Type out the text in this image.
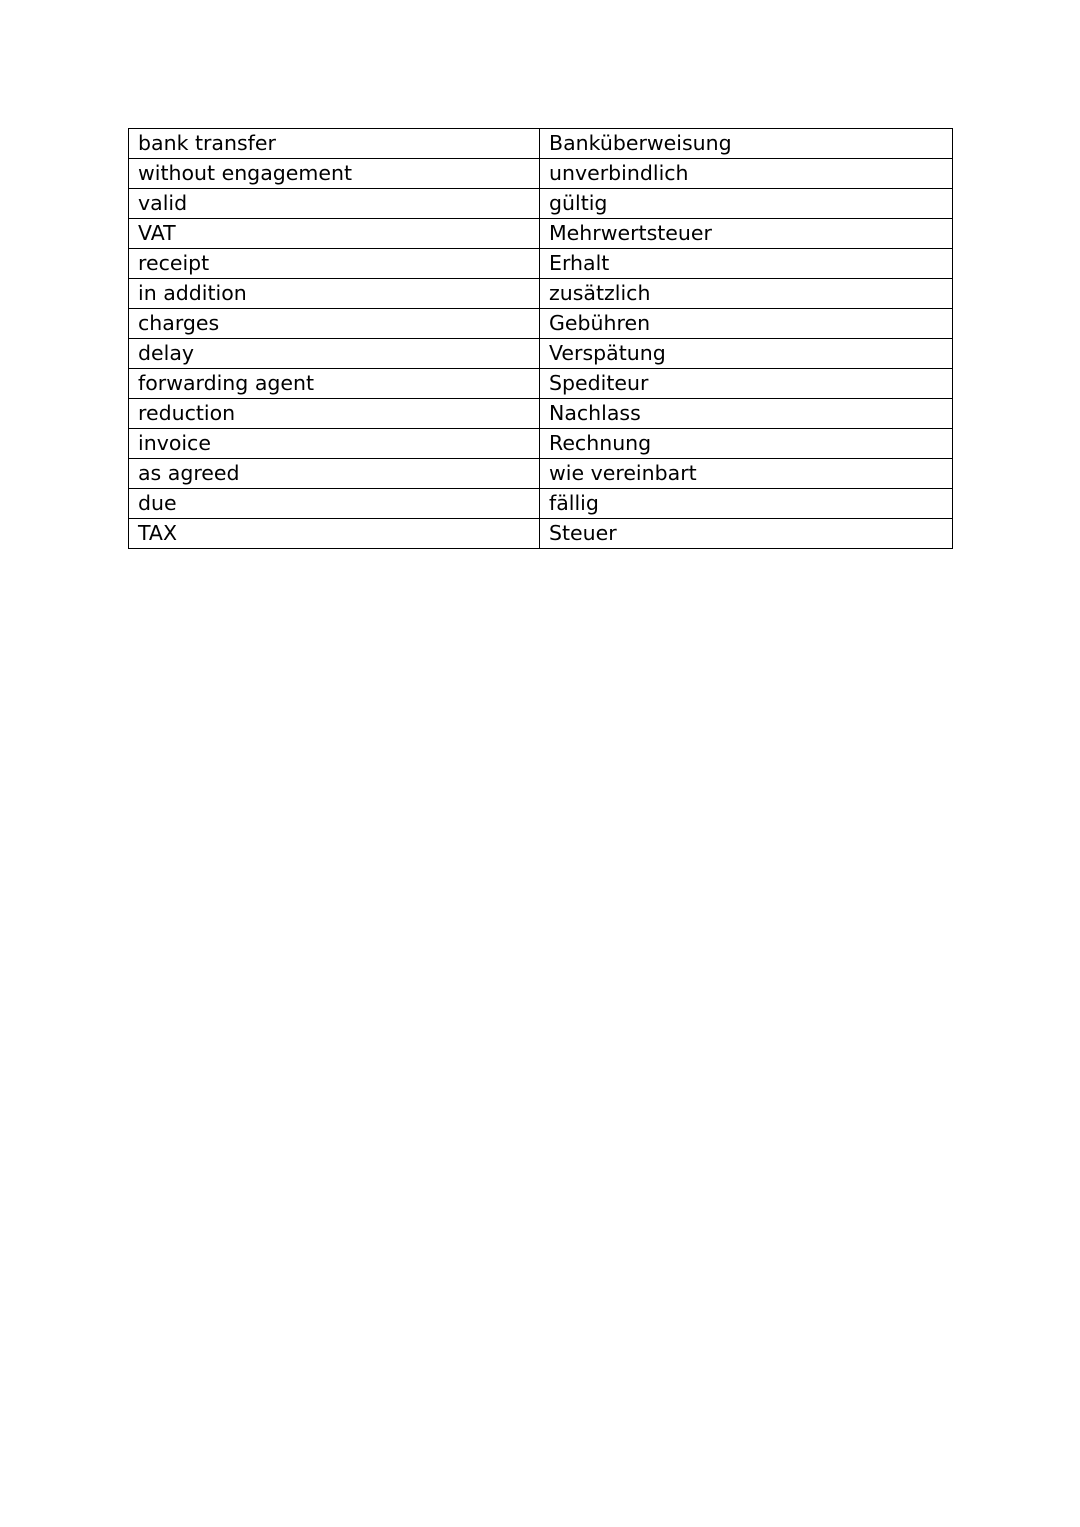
bank transfer	Banküberweisung
without engagement	unverbindlich
valid	gültig
VAT	Mehrwertsteuer
receipt	Erhalt
in addition	zusätzlich
charges	Gebühren
delay	Verspätung
forwarding agent	Spediteur
reduction	Nachlass
invoice	Rechnung
as agreed	wie vereinbart
due	fällig
TAX	Steuer
